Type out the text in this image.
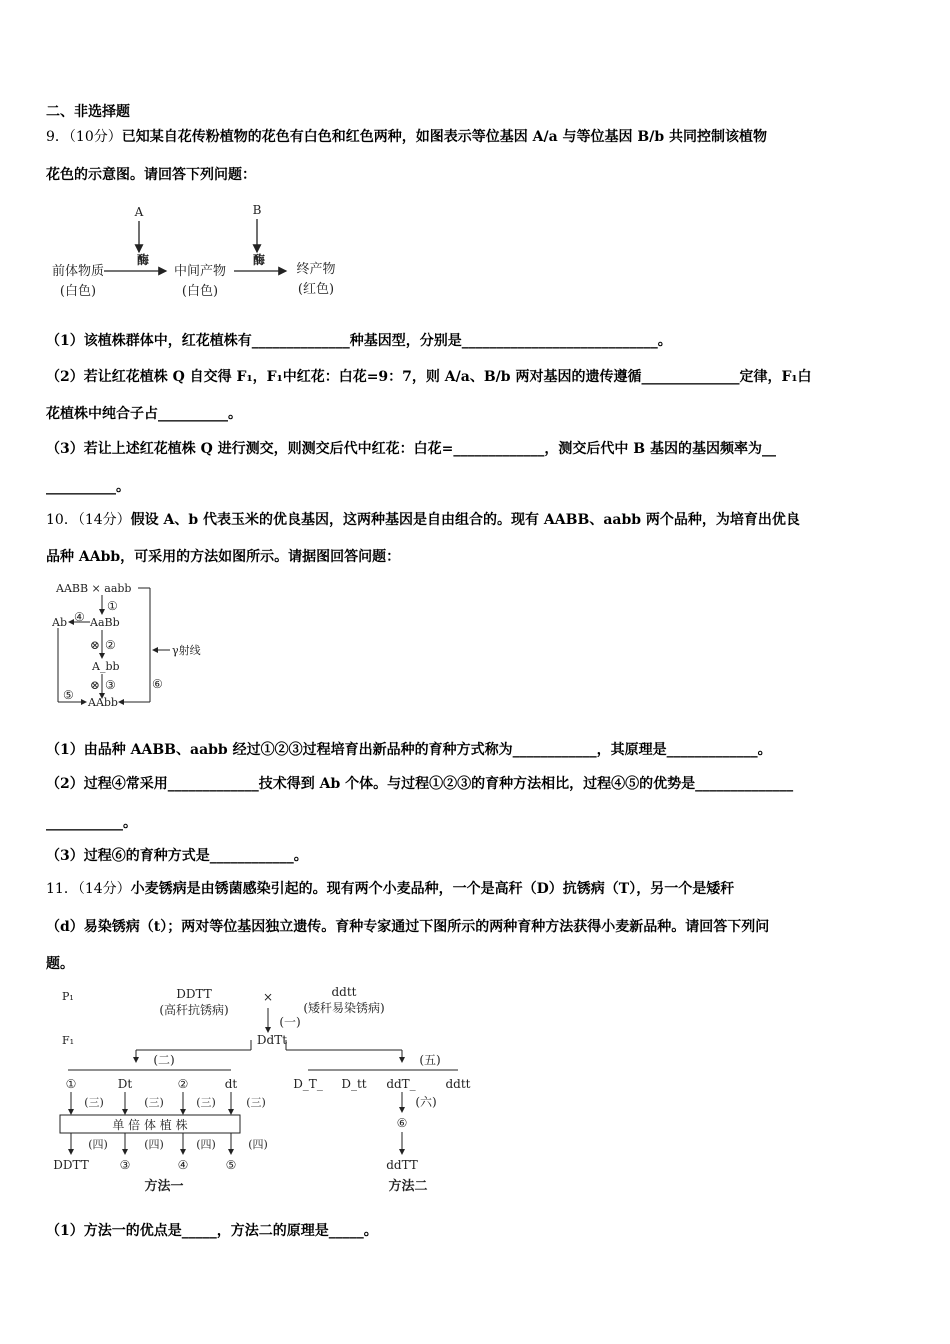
二、非选择题
9．（10分）已知某自花传粉植物的花色有白色和红色两种，如图表示等位基因 A/a 与等位基因 B/b 共同控制该植物
花色的示意图。请回答下列问题：
A	B
酶	酶
前体物质
(白色)
中间产物
(白色)
终产物
(红色)
（1）该植株群体中，红花植株有______________种基因型，分别是____________________________。
（2）若让红花植株 Q 自交得 F₁，F₁中红花：白花=9：7，则 A/a、B/b 两对基因的遗传遵循______________定律，F₁白
花植株中纯合子占__________。
（3）若让上述红花植株 Q 进行测交，则测交后代中红花：白花=_____________，测交后代中 B 基因的基因频率为__
__________。
10．（14分）假设 A、b 代表玉米的优良基因，这两种基因是自由组合的。现有 AABB、aabb 两个品种，为培育出优良
品种 AAbb，可采用的方法如图所示。请据图回答问题：
AABB × aabb
①
④
Ab AaBb
⊗ ②
A_bb
⊗ ③
⑤
⑥
AAbb
γ射线
（1）由品种 AABB、aabb 经过①②③过程培育出新品种的育种方式称为____________，其原理是_____________。
（2）过程④常采用_____________技术得到 Ab 个体。与过程①②③的育种方法相比，过程④⑤的优势是______________
___________。
（3）过程⑥的育种方式是____________。
11．（14分）小麦锈病是由锈菌感染引起的。现有两个小麦品种，一个是高秆（D）抗锈病（T），另一个是矮秆
（d）易染锈病（t）；两对等位基因独立遗传。育种专家通过下图所示的两种育种方法获得小麦新品种。请回答下列问
题。
P₁
F₁
DDTT
(高秆抗锈病)
×	ddtt
(矮秆易染锈病)
(一)
DdTt
(二)
①	Dt	②	dt
(三)	(三)	(三)	(三)
单 倍 体 植 株
(四)	(四)	(四)	(四)
DDTT	③	④	⑤
方法一
(五)
D_T_ D_tt ddT_ ddtt
(六)
⑥
ddTT
方法二
（1）方法一的优点是_____，方法二的原理是_____。
